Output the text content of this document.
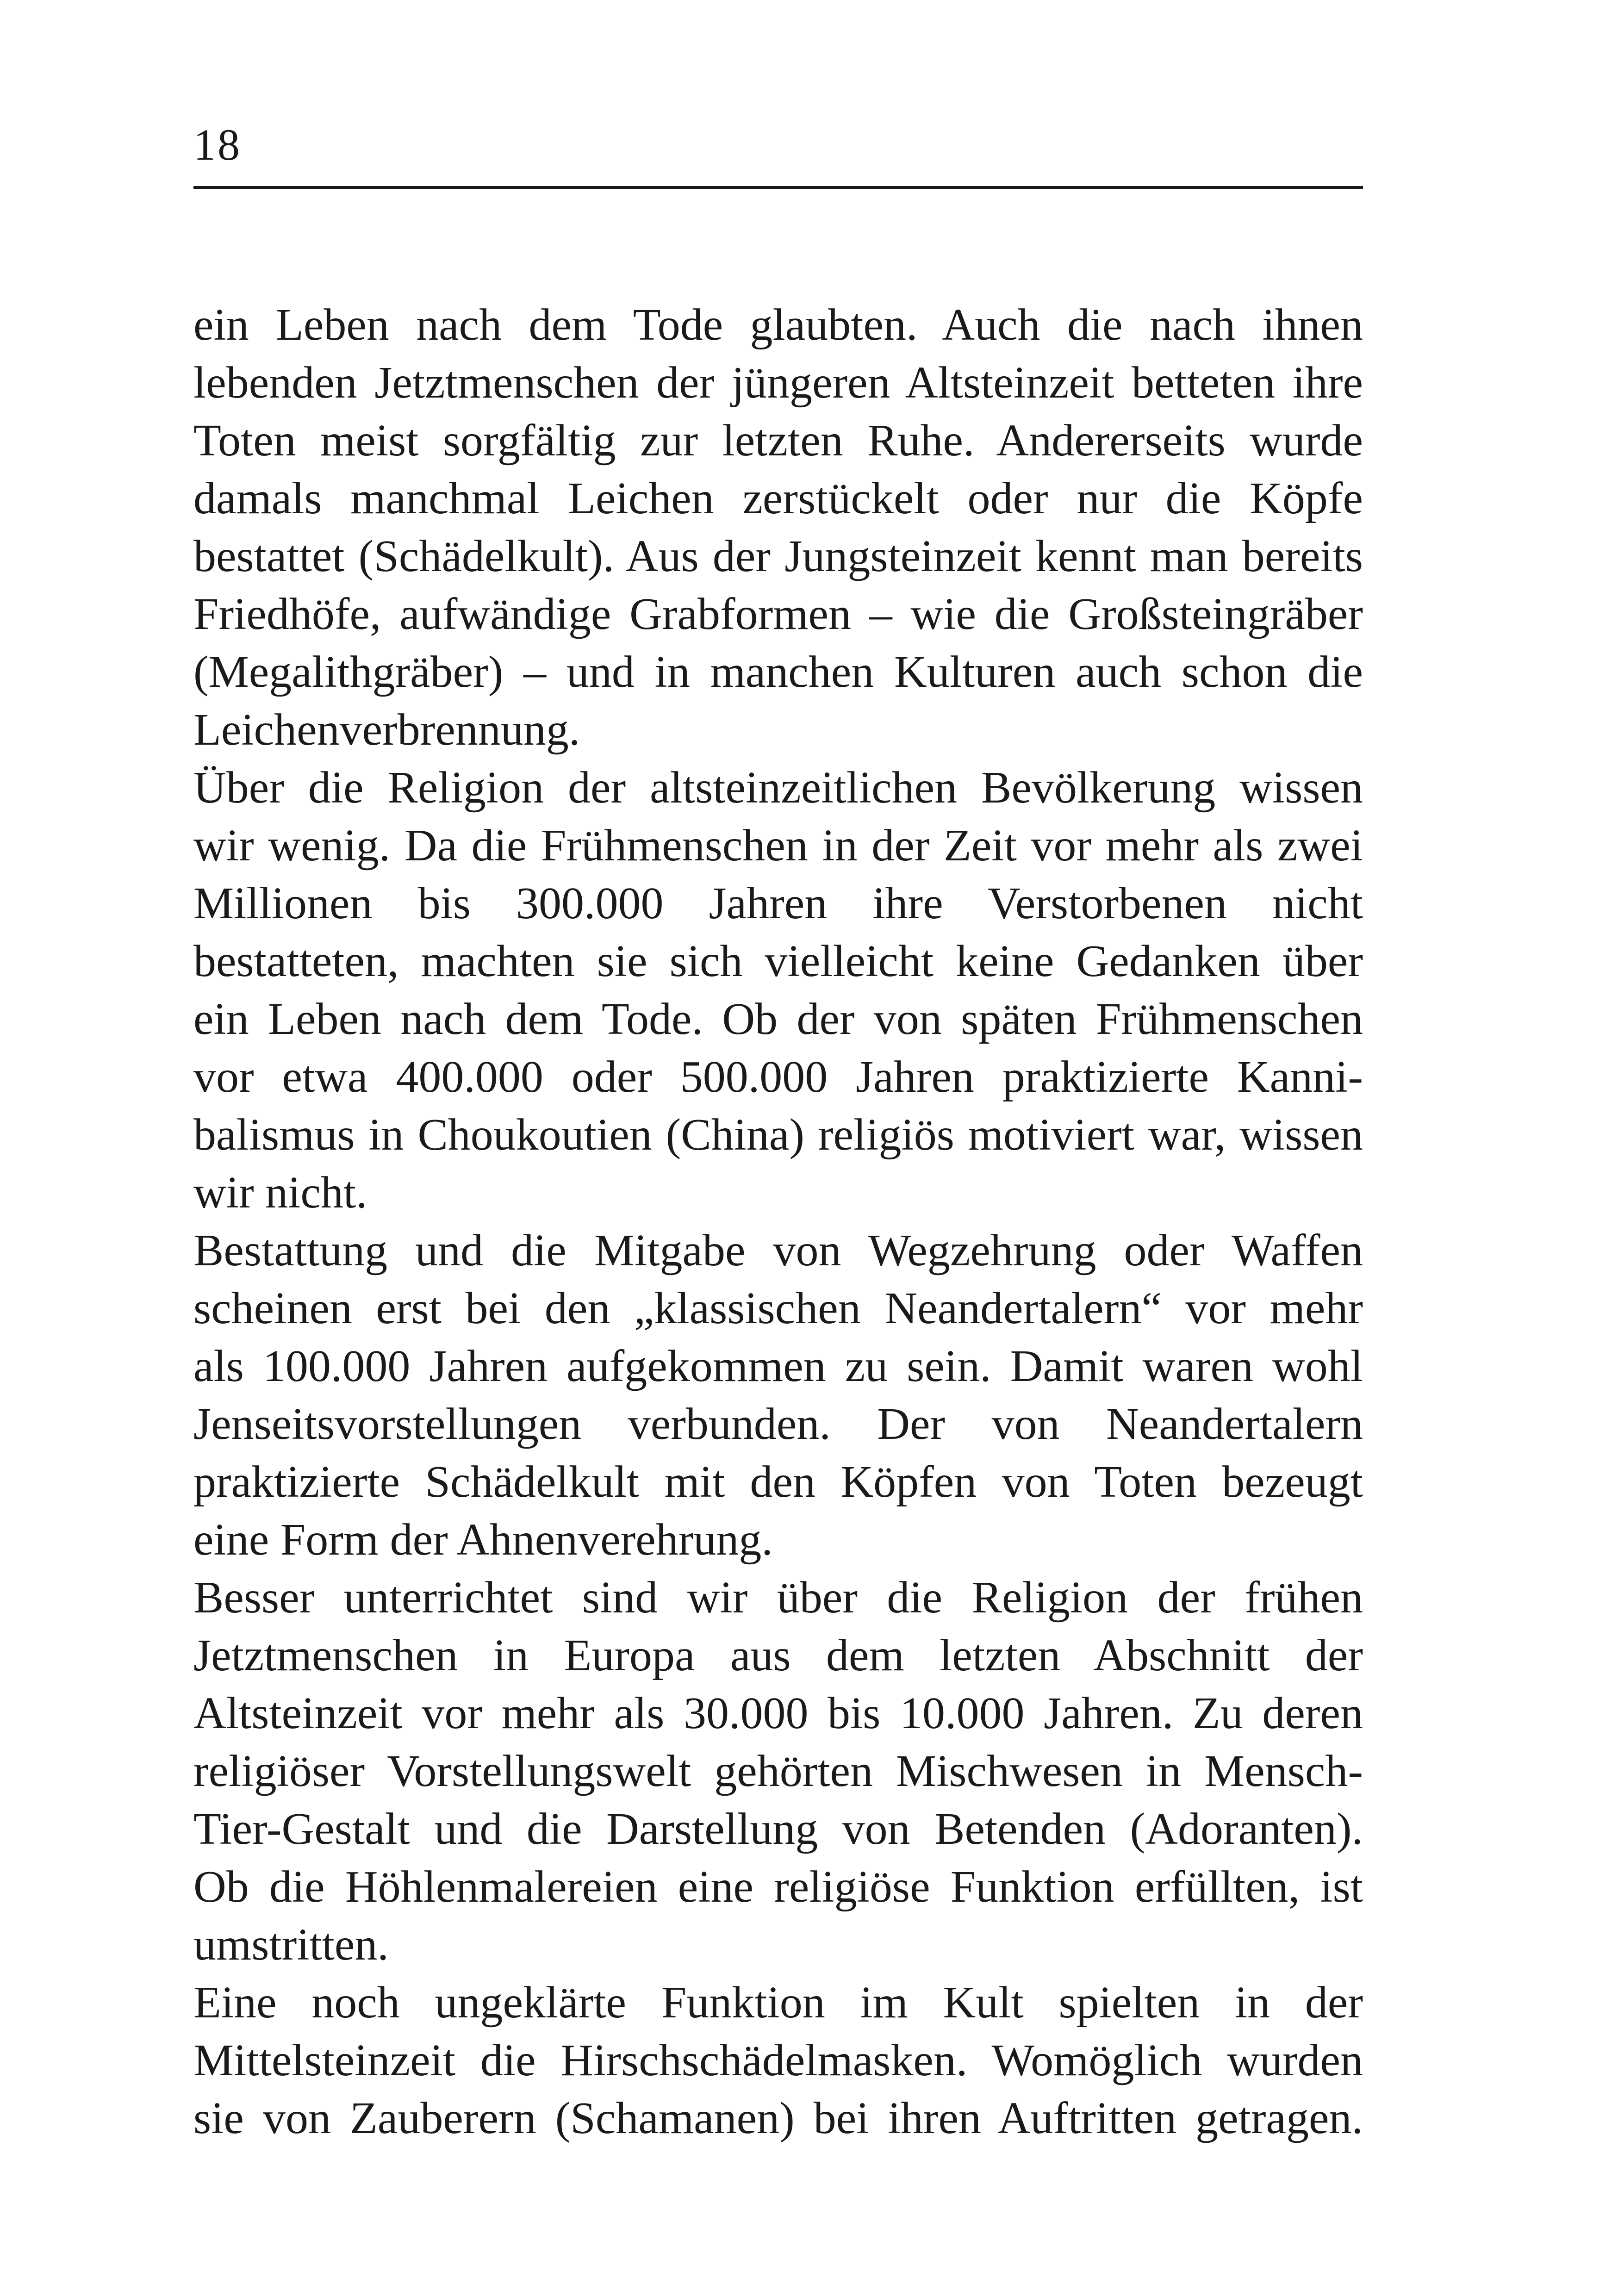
18
ein Leben nach dem Tode glaubten. Auch die nach ihnen
lebenden Jetztmenschen der jüngeren Altsteinzeit betteten ihre
Toten meist sorgfältig zur letzten Ruhe. Andererseits wurde
damals manchmal Leichen zerstückelt oder nur die Köpfe
bestattet (Schädelkult). Aus der Jungsteinzeit kennt man bereits
Friedhöfe, aufwändige Grabformen – wie die Großsteingräber
(Megalithgräber) – und in manchen Kulturen auch schon die
Leichenverbrennung.
Über die Religion der altsteinzeitlichen Bevölkerung wissen
wir wenig. Da die Frühmenschen in der Zeit vor mehr als zwei
Millionen bis 300.000 Jahren ihre Verstorbenen nicht
bestatteten, machten sie sich vielleicht keine Gedanken über
ein Leben nach dem Tode. Ob der von späten Frühmenschen
vor etwa 400.000 oder 500.000 Jahren praktizierte Kanni-
balismus in Choukoutien (China) religiös motiviert war, wissen
wir nicht.
Bestattung und die Mitgabe von Wegzehrung oder Waffen
scheinen erst bei den „klassischen Neandertalern“ vor mehr
als 100.000 Jahren aufgekommen zu sein. Damit waren wohl
Jenseitsvorstellungen verbunden. Der von Neandertalern
praktizierte Schädelkult mit den Köpfen von Toten bezeugt
eine Form der Ahnenverehrung.
Besser unterrichtet sind wir über die Religion der frühen
Jetztmenschen in Europa aus dem letzten Abschnitt der
Altsteinzeit vor mehr als 30.000 bis 10.000 Jahren. Zu deren
religiöser Vorstellungswelt gehörten Mischwesen in Mensch-
Tier-Gestalt und die Darstellung von Betenden (Adoranten).
Ob die Höhlenmalereien eine religiöse Funktion erfüllten, ist
umstritten.
Eine noch ungeklärte Funktion im Kult spielten in der
Mittelsteinzeit die Hirschschädelmasken. Womöglich wurden
sie von Zauberern (Schamanen) bei ihren Auftritten getragen.
